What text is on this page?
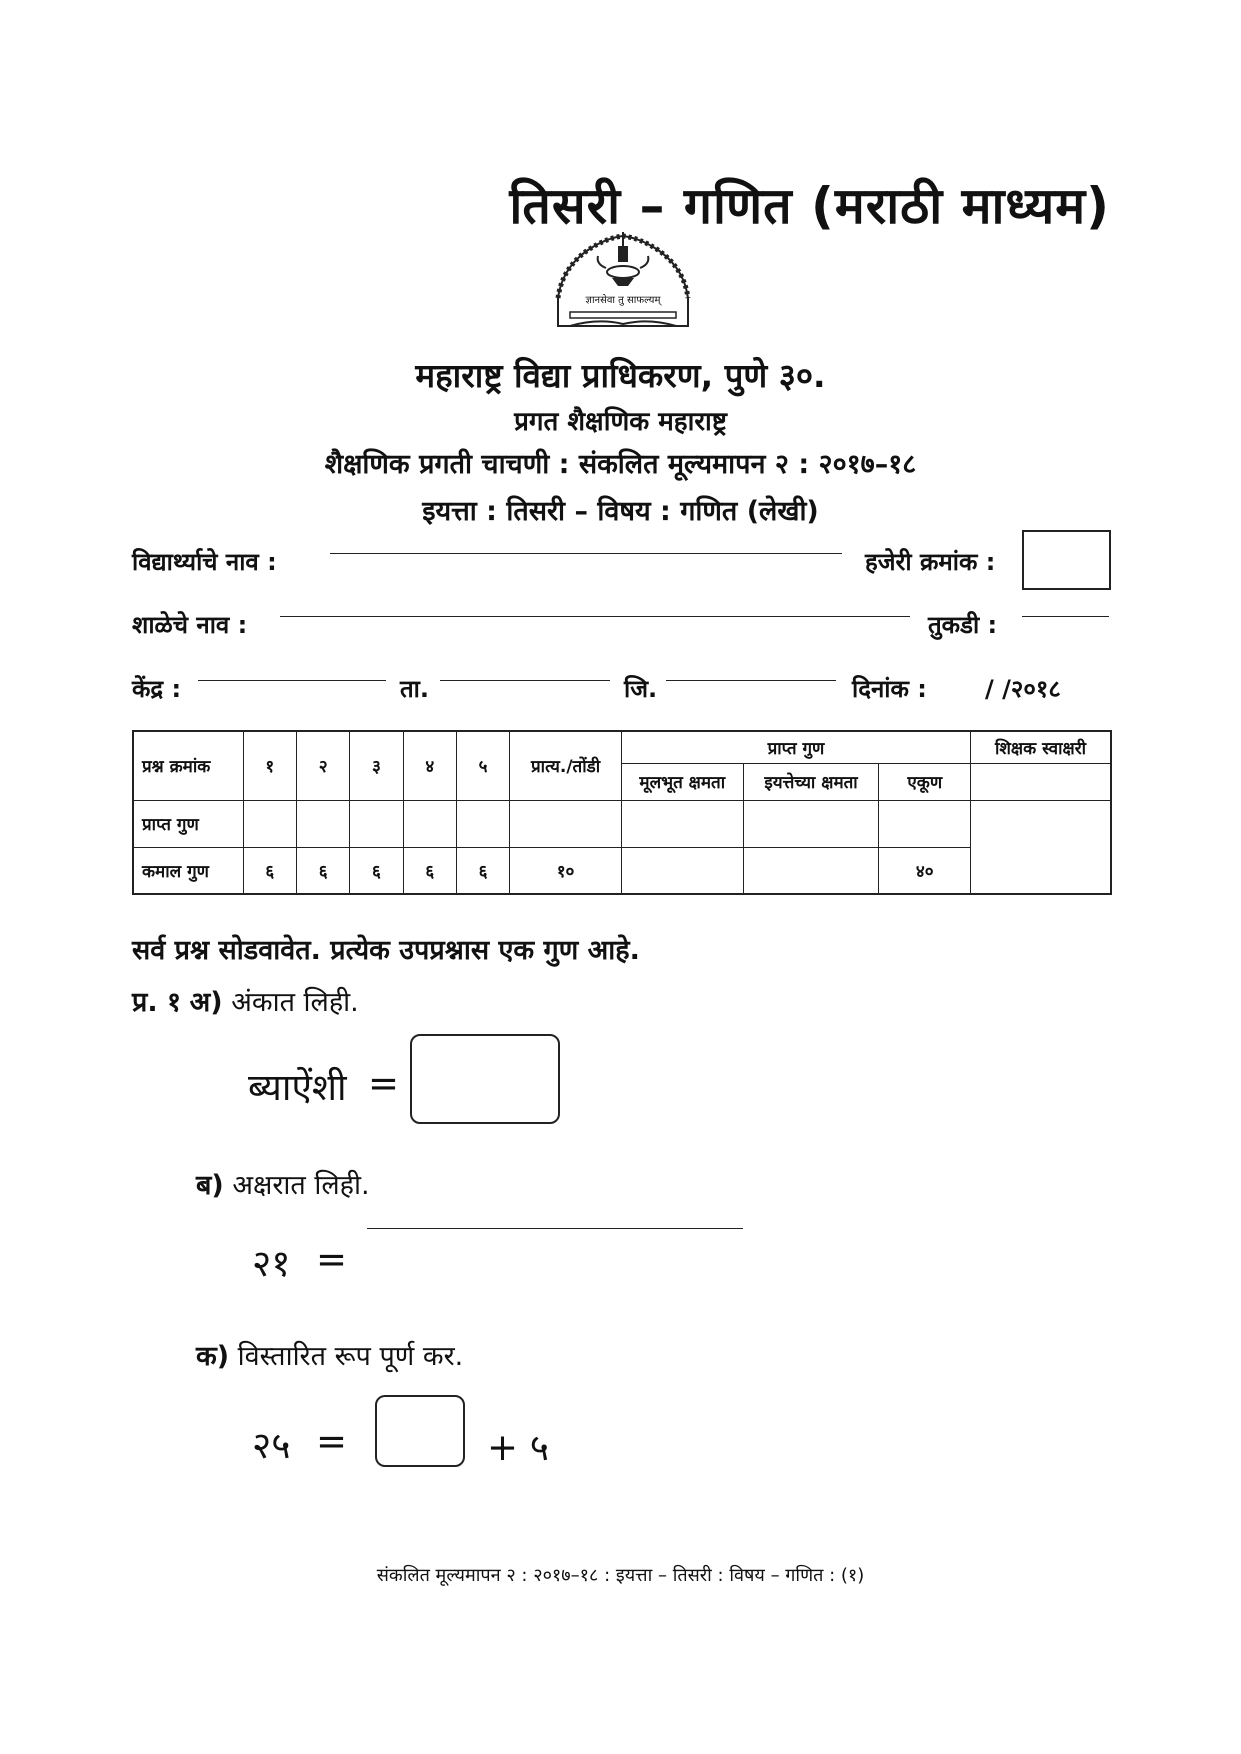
तिसरी – गणित (मराठी माध्यम)
ज्ञानसेवा तु साफल्यम्
महाराष्ट्र विद्या प्राधिकरण, पुणे ३०.
प्रगत शैक्षणिक महाराष्ट्र
शैक्षणिक प्रगती चाचणी : संकलित मूल्यमापन २ : २०१७–१८
इयत्ता : तिसरी – विषय : गणित (लेखी)
विद्यार्थ्याचे नाव :	हजेरी क्रमांक :
शाळेचे नाव :	तुकडी :
केंद्र :	ता.	जि.	दिनांक : / /२०१८
प्रश्न क्रमांक	१	२	३	४	५	प्रात्य./तोंडी	प्राप्त गुण			शिक्षक स्वाक्षरी
							मूलभूत क्षमता	इयत्तेच्या क्षमता	एकूण	
प्राप्त गुण										
कमाल गुण	६	६	६	६	६	१०			४०	
सर्व प्रश्न सोडवावेत. प्रत्येक उपप्रश्नास एक गुण आहे.
प्र. १ अ) अंकात लिही.
ब्याऐंशी =
ब) अक्षरात लिही.
२१ =
क) विस्तारित रूप पूर्ण कर.
२५ =	+ ५
संकलित मूल्यमापन २ : २०१७–१८ : इयत्ता – तिसरी : विषय – गणित : (१)
